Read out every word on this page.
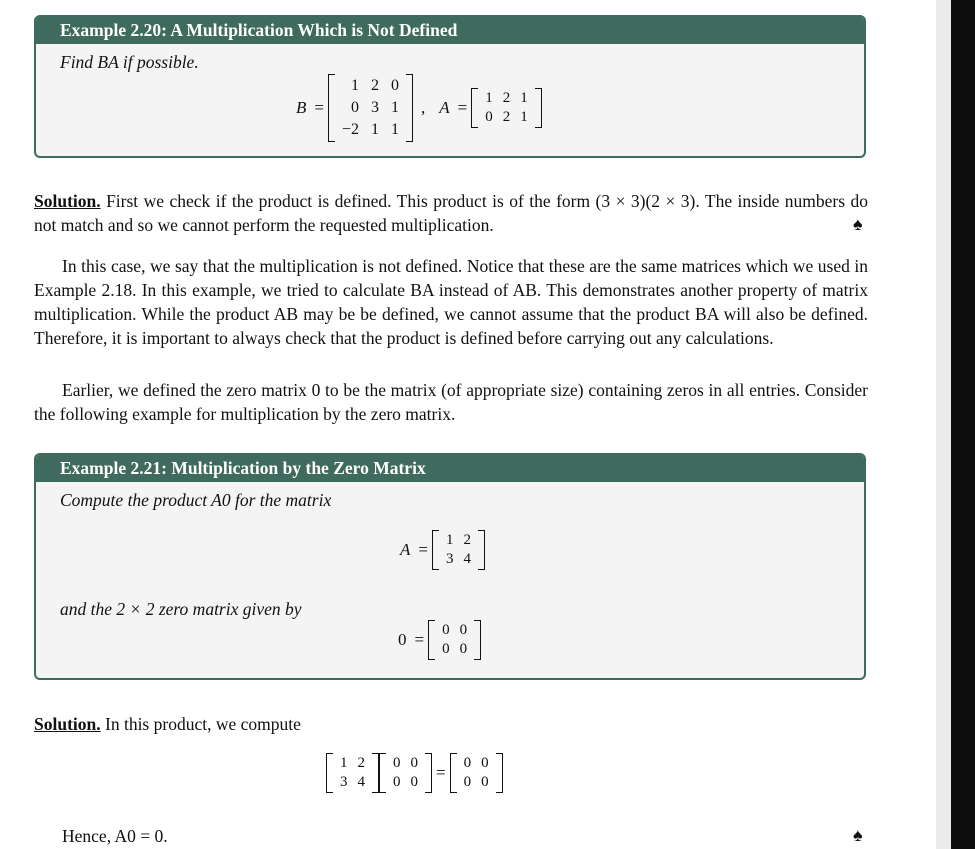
Example 2.20: A Multiplication Which is Not Defined
Find BA if possible.
B =
1 2 0
0 3 1
−2 1 1
, A = 1 2 1
0 2 1
Solution. First we check if the product is defined. This product is of the form (3 × 3)(2 × 3). The inside numbers do not match and so we cannot perform the requested multiplication.	♠
In this case, we say that the multiplication is not defined. Notice that these are the same matrices which we used in Example 2.18. In this example, we tried to calculate BA instead of AB. This demonstrates another property of matrix multiplication. While the product AB may be be defined, we cannot assume that the product BA will also be defined. Therefore, it is important to always check that the product is defined before carrying out any calculations.
Earlier, we defined the zero matrix 0 to be the matrix (of appropriate size) containing zeros in all entries. Consider the following example for multiplication by the zero matrix.
Example 2.21: Multiplication by the Zero Matrix
Compute the product A0 for the matrix
A = 1 2
3 4
and the 2 × 2 zero matrix given by
0 = 0 0
0 0
Solution. In this product, we compute
1 2
3 4
0 0
0 0 = 0 0
0 0
Hence, A0 = 0.	♠
